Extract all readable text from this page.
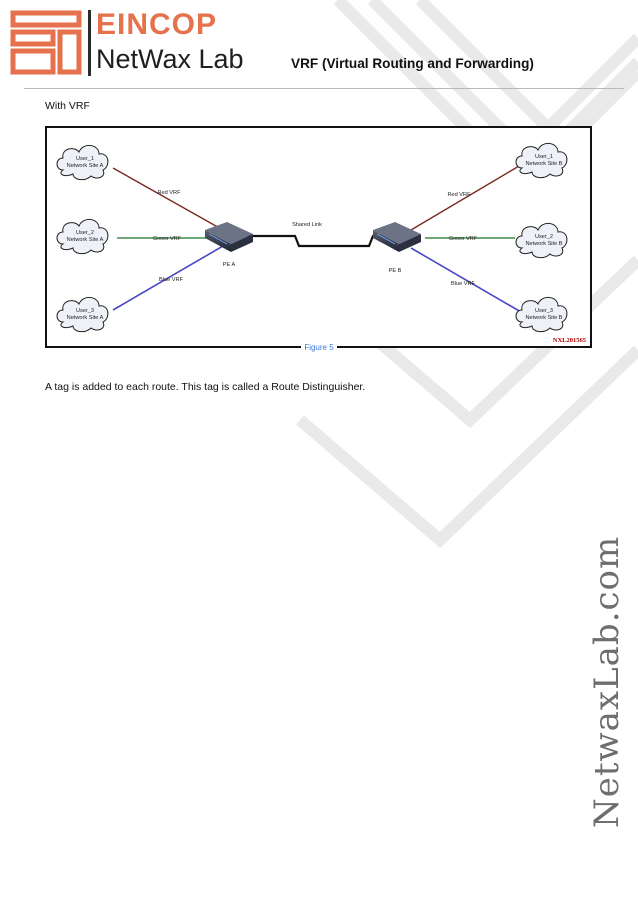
EINCOP
NetWax Lab	VRF (Virtual Routing and Forwarding)
With VRF
User_1
Network Site A
User_2
Network Site A
User_3
Network Site A
User_1
Network Site B
User_2
Network Site B
User_3
Network Site B
Red VRF
Green VRF
Blue VRF
Red VRF
Green VRF
Blue VRF
Shared Link
PE A
PE B
NXL201565
Figure 5
A tag is added to each route. This tag is called a Route Distinguisher.
NetwaxLab.com
